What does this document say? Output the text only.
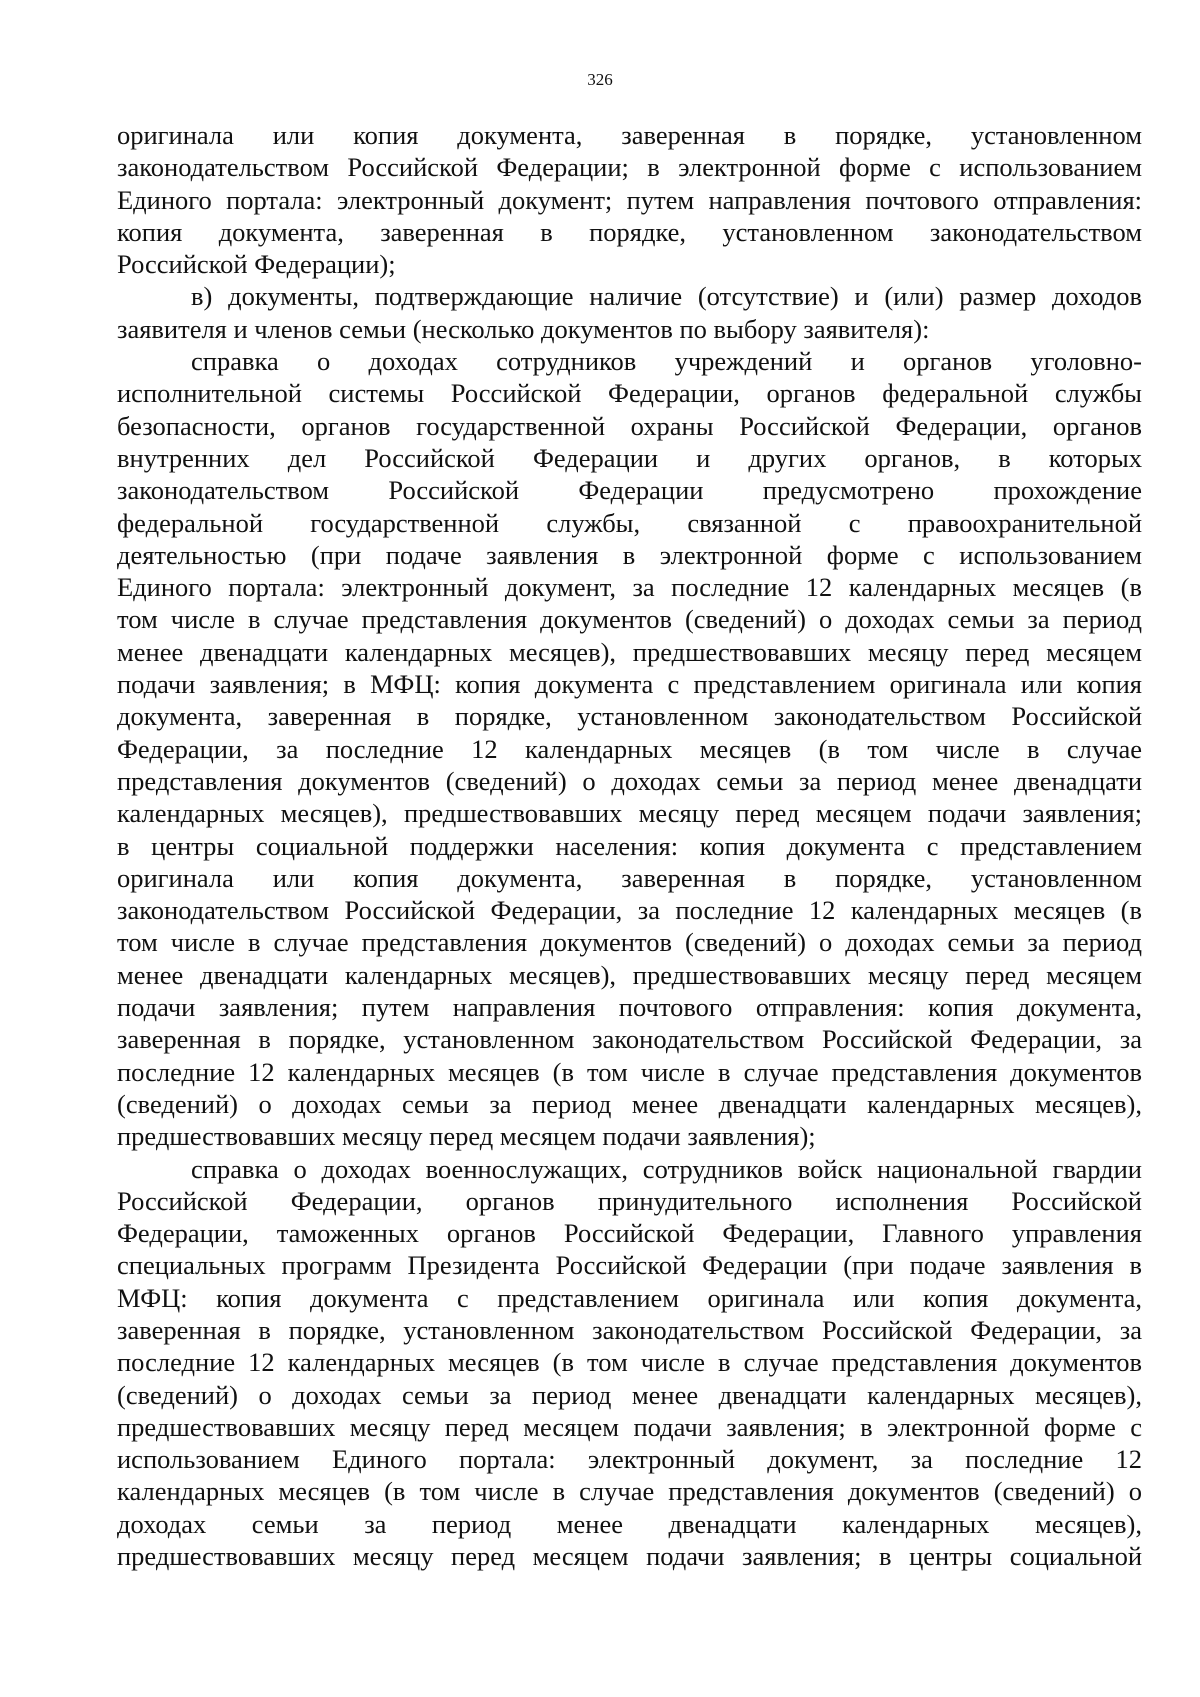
326

оригинала или копия документа, заверенная в порядке, установленном
законодательством Российской Федерации; в электронной форме с использованием
Единого портала: электронный документ; путем направления почтового отправления:
копия документа, заверенная в порядке, установленном законодательством
Российской Федерации);

в) документы, подтверждающие наличие (отсутствие) и (или) размер доходов
заявителя и членов семьи (несколько документов по выбору заявителя):

справка о доходах сотрудников учреждений и органов уголовно-
исполнительной системы Российской Федерации, органов федеральной службы
безопасности, органов государственной охраны Российской Федерации, органов
внутренних дел Российской Федерации и других органов, в которых
законодательством Российской Федерации предусмотрено прохождение
федеральной государственной службы, связанной с правоохранительной
деятельностью (при подаче заявления в электронной форме с использованием
Единого портала: электронный документ, за последние 12 календарных месяцев (в
том числе в случае представления документов (сведений) о доходах семьи за период
менее двенадцати календарных месяцев), предшествовавших месяцу перед месяцем
подачи заявления; в МФЦ: копия документа с представлением оригинала или копия
документа, заверенная в порядке, установленном законодательством Российской
Федерации, за последние 12 календарных месяцев (в том числе в случае
представления документов (сведений) о доходах семьи за период менее двенадцати
календарных месяцев), предшествовавших месяцу перед месяцем подачи заявления;
в центры социальной поддержки населения: копия документа с представлением
оригинала или копия документа, заверенная в порядке, установленном
законодательством Российской Федерации, за последние 12 календарных месяцев (в
том числе в случае представления документов (сведений) о доходах семьи за период
менее двенадцати календарных месяцев), предшествовавших месяцу перед месяцем
подачи заявления; путем направления почтового отправления: копия документа,
заверенная в порядке, установленном законодательством Российской Федерации, за
последние 12 календарных месяцев (в том числе в случае представления документов
(сведений) о доходах семьи за период менее двенадцати календарных месяцев),
предшествовавших месяцу перед месяцем подачи заявления);

справка о доходах военнослужащих, сотрудников войск национальной гвардии
Российской Федерации, органов принудительного исполнения Российской
Федерации, таможенных органов Российской Федерации, Главного управления
специальных программ Президента Российской Федерации (при подаче заявления в
МФЦ: копия документа с представлением оригинала или копия документа,
заверенная в порядке, установленном законодательством Российской Федерации, за
последние 12 календарных месяцев (в том числе в случае представления документов
(сведений) о доходах семьи за период менее двенадцати календарных месяцев),
предшествовавших месяцу перед месяцем подачи заявления; в электронной форме с
использованием Единого портала: электронный документ, за последние 12
календарных месяцев (в том числе в случае представления документов (сведений) о
доходах семьи за период менее двенадцати календарных месяцев),
предшествовавших месяцу перед месяцем подачи заявления; в центры социальной
